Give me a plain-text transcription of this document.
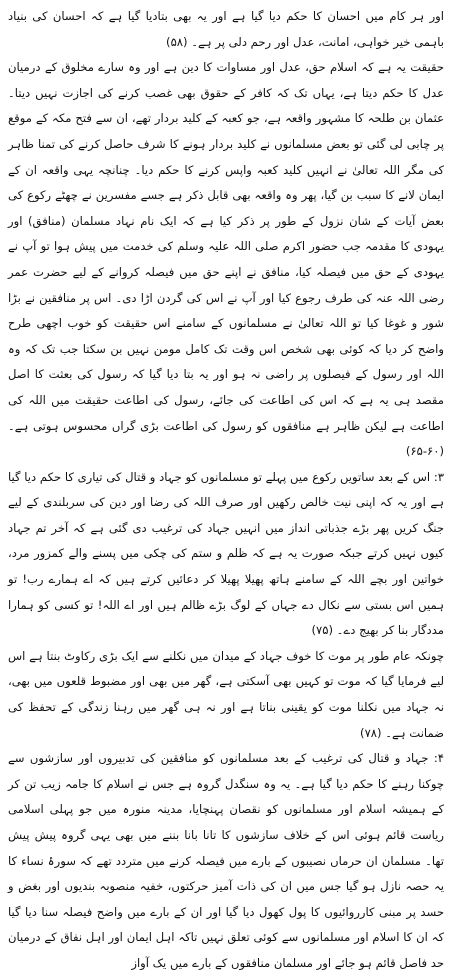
اور ہر کام میں احسان کا حکم دیا گیا ہے اور یہ بھی بتادیا گیا ہے کہ احسان کی بنیاد باہمی خیر خواہی، امانت، عدل اور رحم دلی پر ہے۔ (۵۸)

حقیقت یہ ہے کہ اسلام حق، عدل اور مساوات کا دین ہے اور وہ سارے مخلوق کے درمیان عدل کا حکم دیتا ہے، یہاں تک کہ کافر کے حقوق بھی غصب کرنے کی اجازت نہیں دیتا۔ عثمان بن طلحہ کا مشہور واقعہ ہے، جو کعبہ کے کلید بردار تھے، ان سے فتح مکہ کے موقع پر چابی لی گئی تو بعض مسلمانوں نے کلید بردار ہونے کا شرف حاصل کرنے کی تمنا ظاہر کی مگر اللہ تعالیٰ نے انہیں کلید کعبہ واپس کرنے کا حکم دیا۔ چنانچہ یہی واقعہ ان کے ایمان لانے کا سبب بن گیا، پھر وہ واقعہ بھی قابل ذکر ہے جسے مفسرین نے چھٹے رکوع کی بعض آیات کے شان نزول کے طور پر ذکر کیا ہے کہ ایک نام نہاد مسلمان (منافق) اور یہودی کا مقدمہ جب حضور اکرم صلی اللہ علیہ وسلم کی خدمت میں پیش ہوا تو آپ نے یہودی کے حق میں فیصلہ کیا، منافق نے اپنے حق میں فیصلہ کروانے کے لیے حضرت عمر رضی اللہ عنہ کی طرف رجوع کیا اور آپ نے اس کی گردن اڑا دی۔ اس پر منافقین نے بڑا شور و غوغا کیا تو اللہ تعالیٰ نے مسلمانوں کے سامنے اس حقیقت کو خوب اچھی طرح واضح کر دیا کہ کوئی بھی شخص اس وقت تک کامل مومن نہیں بن سکتا جب تک کہ وہ اللہ اور رسول کے فیصلوں پر راضی نہ ہو اور یہ بتا دیا گیا کہ رسول کی بعثت کا اصل مقصد ہی یہ ہے کہ اس کی اطاعت کی جائے، رسول کی اطاعت حقیقت میں اللہ کی اطاعت ہے لیکن ظاہر ہے منافقوں کو رسول کی اطاعت بڑی گراں محسوس ہوتی ہے۔ (۶۰-۶۵)

۳: اس کے بعد ساتویں رکوع میں پہلے تو مسلمانوں کو جہاد و قتال کی تیاری کا حکم دیا گیا ہے اور یہ کہ اپنی نیت خالص رکھیں اور صرف اللہ کی رضا اور دین کی سربلندی کے لیے جنگ کریں پھر بڑے جذباتی انداز میں انہیں جہاد کی ترغیب دی گئی ہے کہ آخر تم جہاد کیوں نہیں کرتے جبکہ صورت یہ ہے کہ ظلم و ستم کی چکی میں پسنے والے کمزور مرد، خواتین اور بچے اللہ کے سامنے ہاتھ پھیلا پھیلا کر دعائیں کرتے ہیں کہ اے ہمارے رب! تو ہمیں اس بستی سے نکال دے جہاں کے لوگ بڑے ظالم ہیں اور اے اللہ! تو کسی کو ہمارا مددگار بنا کر بھیج دے۔ (۷۵)

چونکہ عام طور پر موت کا خوف جہاد کے میدان میں نکلنے سے ایک بڑی رکاوٹ بنتا ہے اس لیے فرمایا گیا کہ موت تو کہیں بھی آسکتی ہے، گھر میں بھی اور مضبوط قلعوں میں بھی، نہ جہاد میں نکلنا موت کو یقینی بناتا ہے اور نہ ہی گھر میں رہنا زندگی کے تحفظ کی ضمانت ہے۔ (۷۸)

۴: جہاد و قتال کی ترغیب کے بعد مسلمانوں کو منافقین کی تدبیروں اور سازشوں سے چوکنا رہنے کا حکم دیا گیا ہے۔ یہ وہ سنگدل گروہ ہے جس نے اسلام کا جامہ زیب تن کر کے ہمیشہ اسلام اور مسلمانوں کو نقصان پہنچایا، مدینہ منورہ میں جو پہلی اسلامی ریاست قائم ہوئی اس کے خلاف سازشوں کا تانا بانا بننے میں بھی یہی گروہ پیش پیش تھا۔ مسلمان ان حرماں نصیبوں کے بارے میں فیصلہ کرنے میں متردد تھے کہ سورۂ نساء کا یہ حصہ نازل ہو گیا جس میں ان کی ذات آمیز حرکتوں، خفیہ منصوبہ بندیوں اور بغض و حسد پر مبنی کارروائیوں کا پول کھول دیا گیا اور ان کے بارے میں واضح فیصلہ سنا دیا گیا کہ ان کا اسلام اور مسلمانوں سے کوئی تعلق نہیں تاکہ اہل ایمان اور اہل نفاق کے درمیان حد فاصل قائم ہو جائے اور مسلمان منافقوں کے بارے میں یک آواز
